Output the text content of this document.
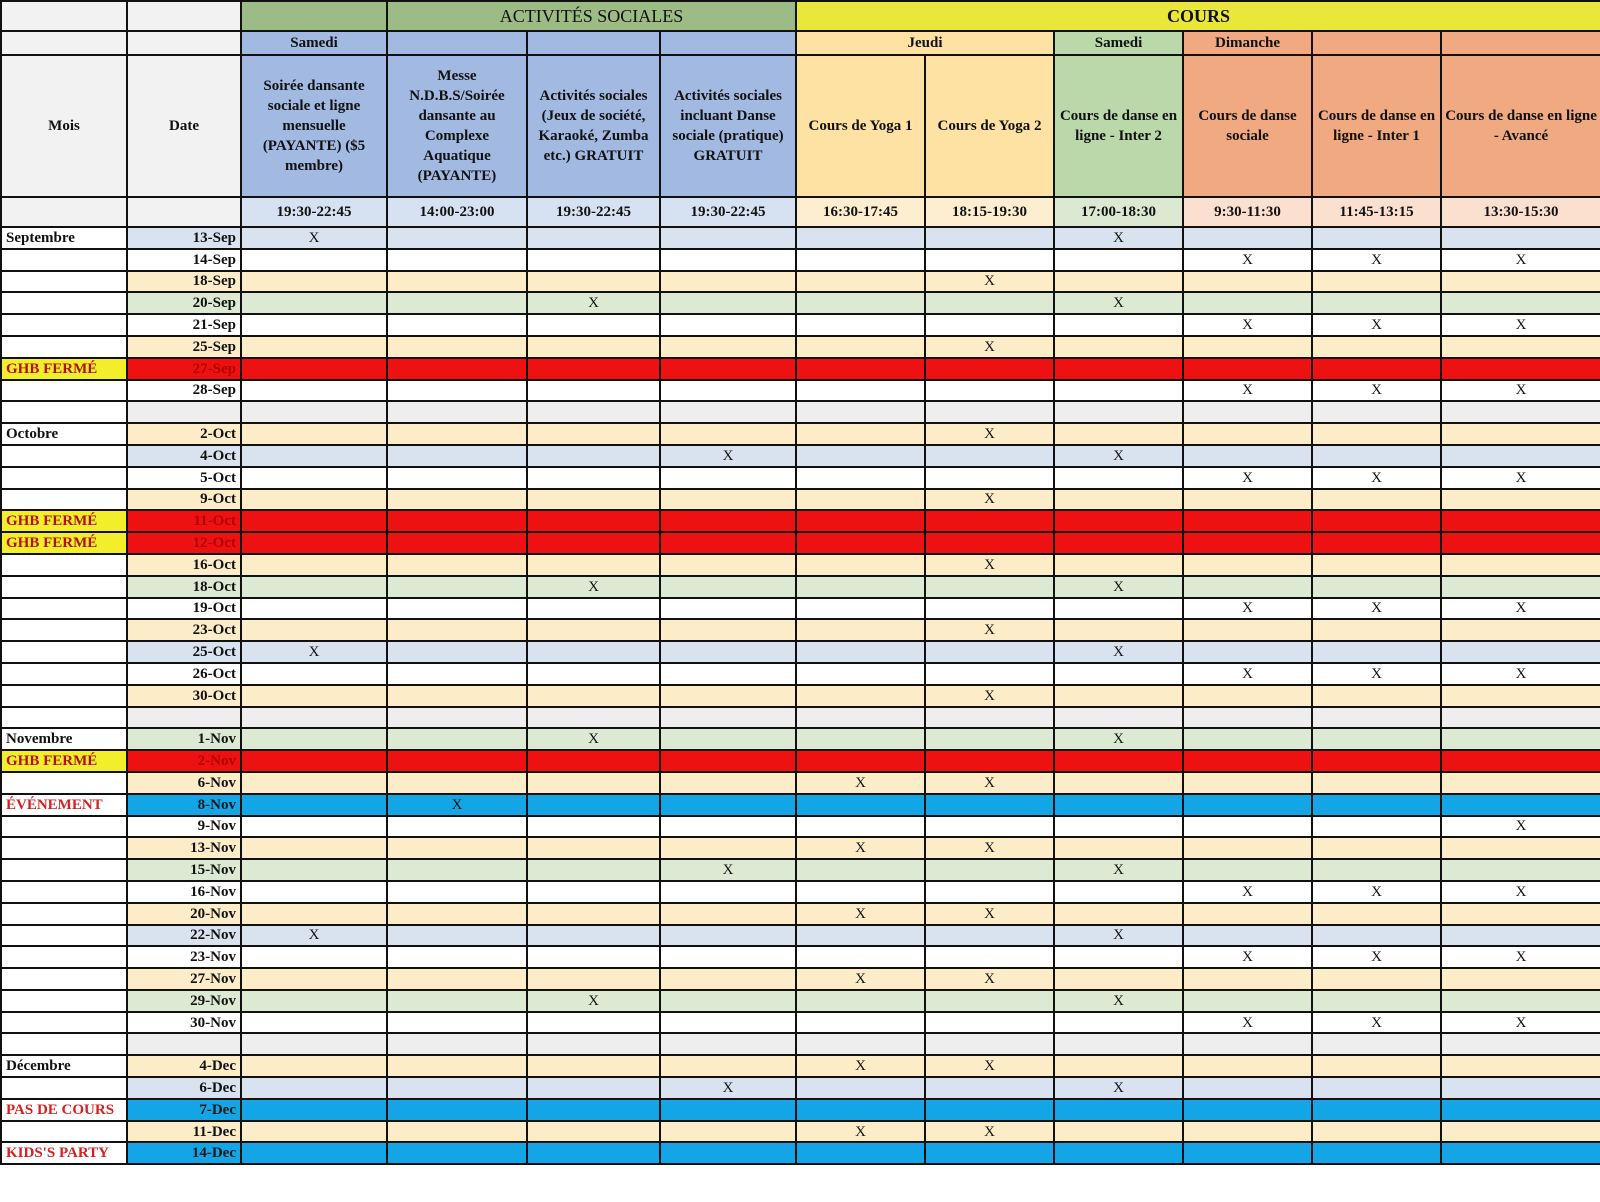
			ACTIVITÉS SOCIALES			COURS					
		Samedi				Jeudi		Samedi	Dimanche		
Mois	Date	Soirée dansante sociale et ligne mensuelle (PAYANTE) ($5 membre)	Messe N.D.B.S/Soirée dansante au Complexe Aquatique (PAYANTE)	Activités sociales (Jeux de société, Karaoké, Zumba etc.) GRATUIT	Activités sociales incluant Danse sociale (pratique) GRATUIT	Cours de Yoga 1	Cours de Yoga 2	Cours de danse en ligne - Inter 2	Cours de danse sociale	Cours de danse en ligne - Inter 1	Cours de danse en ligne - Avancé
		19:30-22:45	14:00-23:00	19:30-22:45	19:30-22:45	16:30-17:45	18:15-19:30	17:00-18:30	9:30-11:30	11:45-13:15	13:30-15:30
Septembre	13-Sep	X						X			
	14-Sep								X	X	X
	18-Sep						X				
	20-Sep			X				X			
	21-Sep								X	X	X
	25-Sep						X				
GHB FERMÉ	27-Sep										
	28-Sep								X	X	X

Octobre	2-Oct						X				
	4-Oct				X			X			
	5-Oct								X	X	X
	9-Oct						X				
GHB FERMÉ	11-Oct										
GHB FERMÉ	12-Oct										
	16-Oct						X				
	18-Oct			X				X			
	19-Oct								X	X	X
	23-Oct						X				
	25-Oct	X						X			
	26-Oct								X	X	X
	30-Oct						X				

Novembre	1-Nov			X				X			
GHB FERMÉ	2-Nov										
	6-Nov					X	X				
ÉVÉNEMENT	8-Nov		X								
	9-Nov										X
	13-Nov					X	X				
	15-Nov				X			X			
	16-Nov								X	X	X
	20-Nov					X	X				
	22-Nov	X						X			
	23-Nov								X	X	X
	27-Nov					X	X				
	29-Nov			X				X			
	30-Nov								X	X	X

Décembre	4-Dec					X	X				
	6-Dec				X			X			
PAS DE COURS	7-Dec										
	11-Dec					X	X				
KIDS'S PARTY	14-Dec										
